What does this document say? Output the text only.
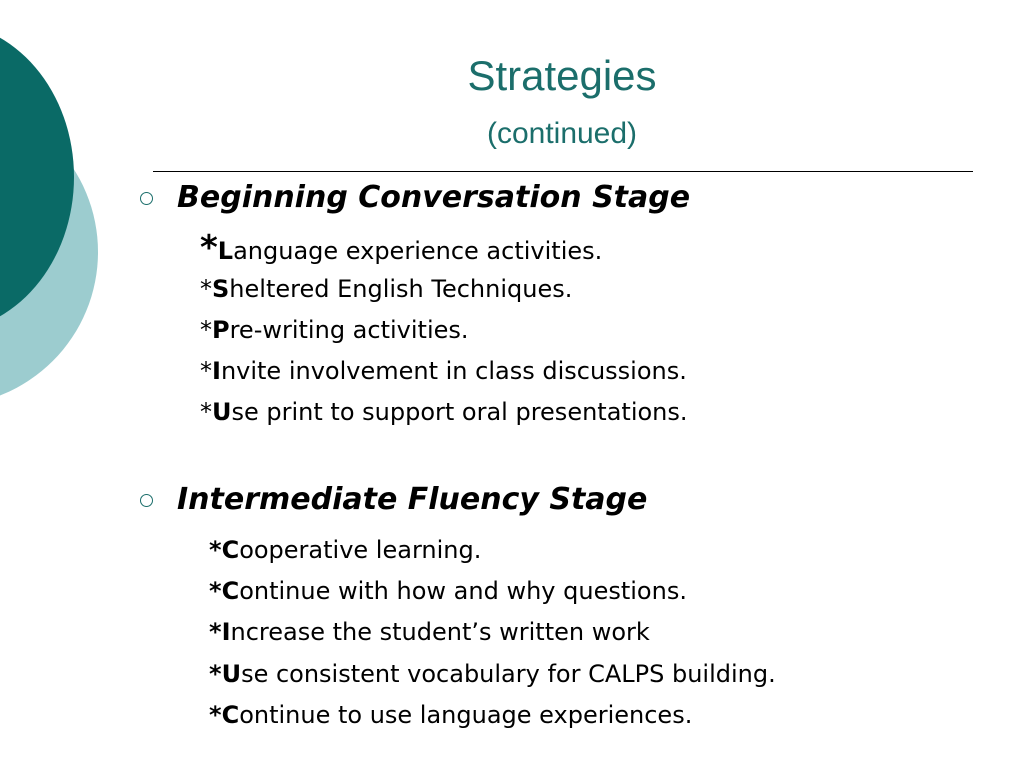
Strategies
(continued)
Beginning Conversation Stage
*Language experience activities.
*Sheltered English Techniques.
*Pre-writing activities.
*Invite involvement in class discussions.
*Use print to support oral presentations.
Intermediate Fluency Stage
*Cooperative learning.
*Continue with how and why questions.
*Increase the student’s written work
*Use consistent vocabulary for CALPS building.
*Continue to use language experiences.
